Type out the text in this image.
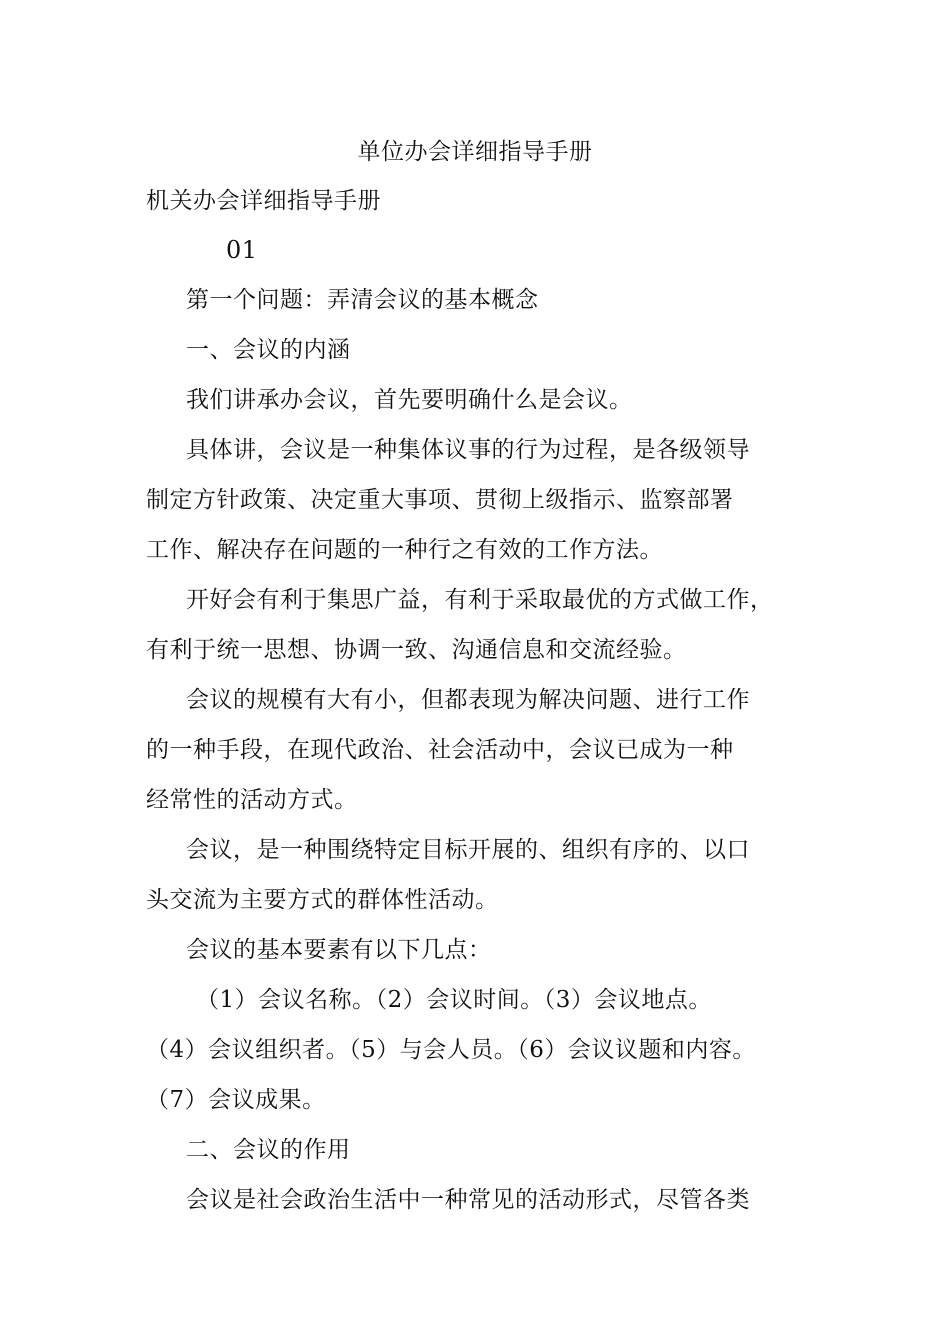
单位办会详细指导手册
机关办会详细指导手册
01
第一个问题：弄清会议的基本概念
一、会议的内涵
我们讲承办会议，首先要明确什么是会议。
具体讲，会议是一种集体议事的行为过程，是各级领导
制定方针政策、决定重大事项、贯彻上级指示、监察部署
工作、解决存在问题的一种行之有效的工作方法。
开好会有利于集思广益，有利于采取最优的方式做工作，
有利于统一思想、协调一致、沟通信息和交流经验。
会议的规模有大有小，但都表现为解决问题、进行工作
的一种手段，在现代政治、社会活动中，会议已成为一种
经常性的活动方式。
会议，是一种围绕特定目标开展的、组织有序的、以口
头交流为主要方式的群体性活动。
会议的基本要素有以下几点：
（1）会议名称。（2）会议时间。（3）会议地点。
（4）会议组织者。（5）与会人员。（6）会议议题和内容。
（7）会议成果。
二、会议的作用
会议是社会政治生活中一种常见的活动形式，尽管各类
